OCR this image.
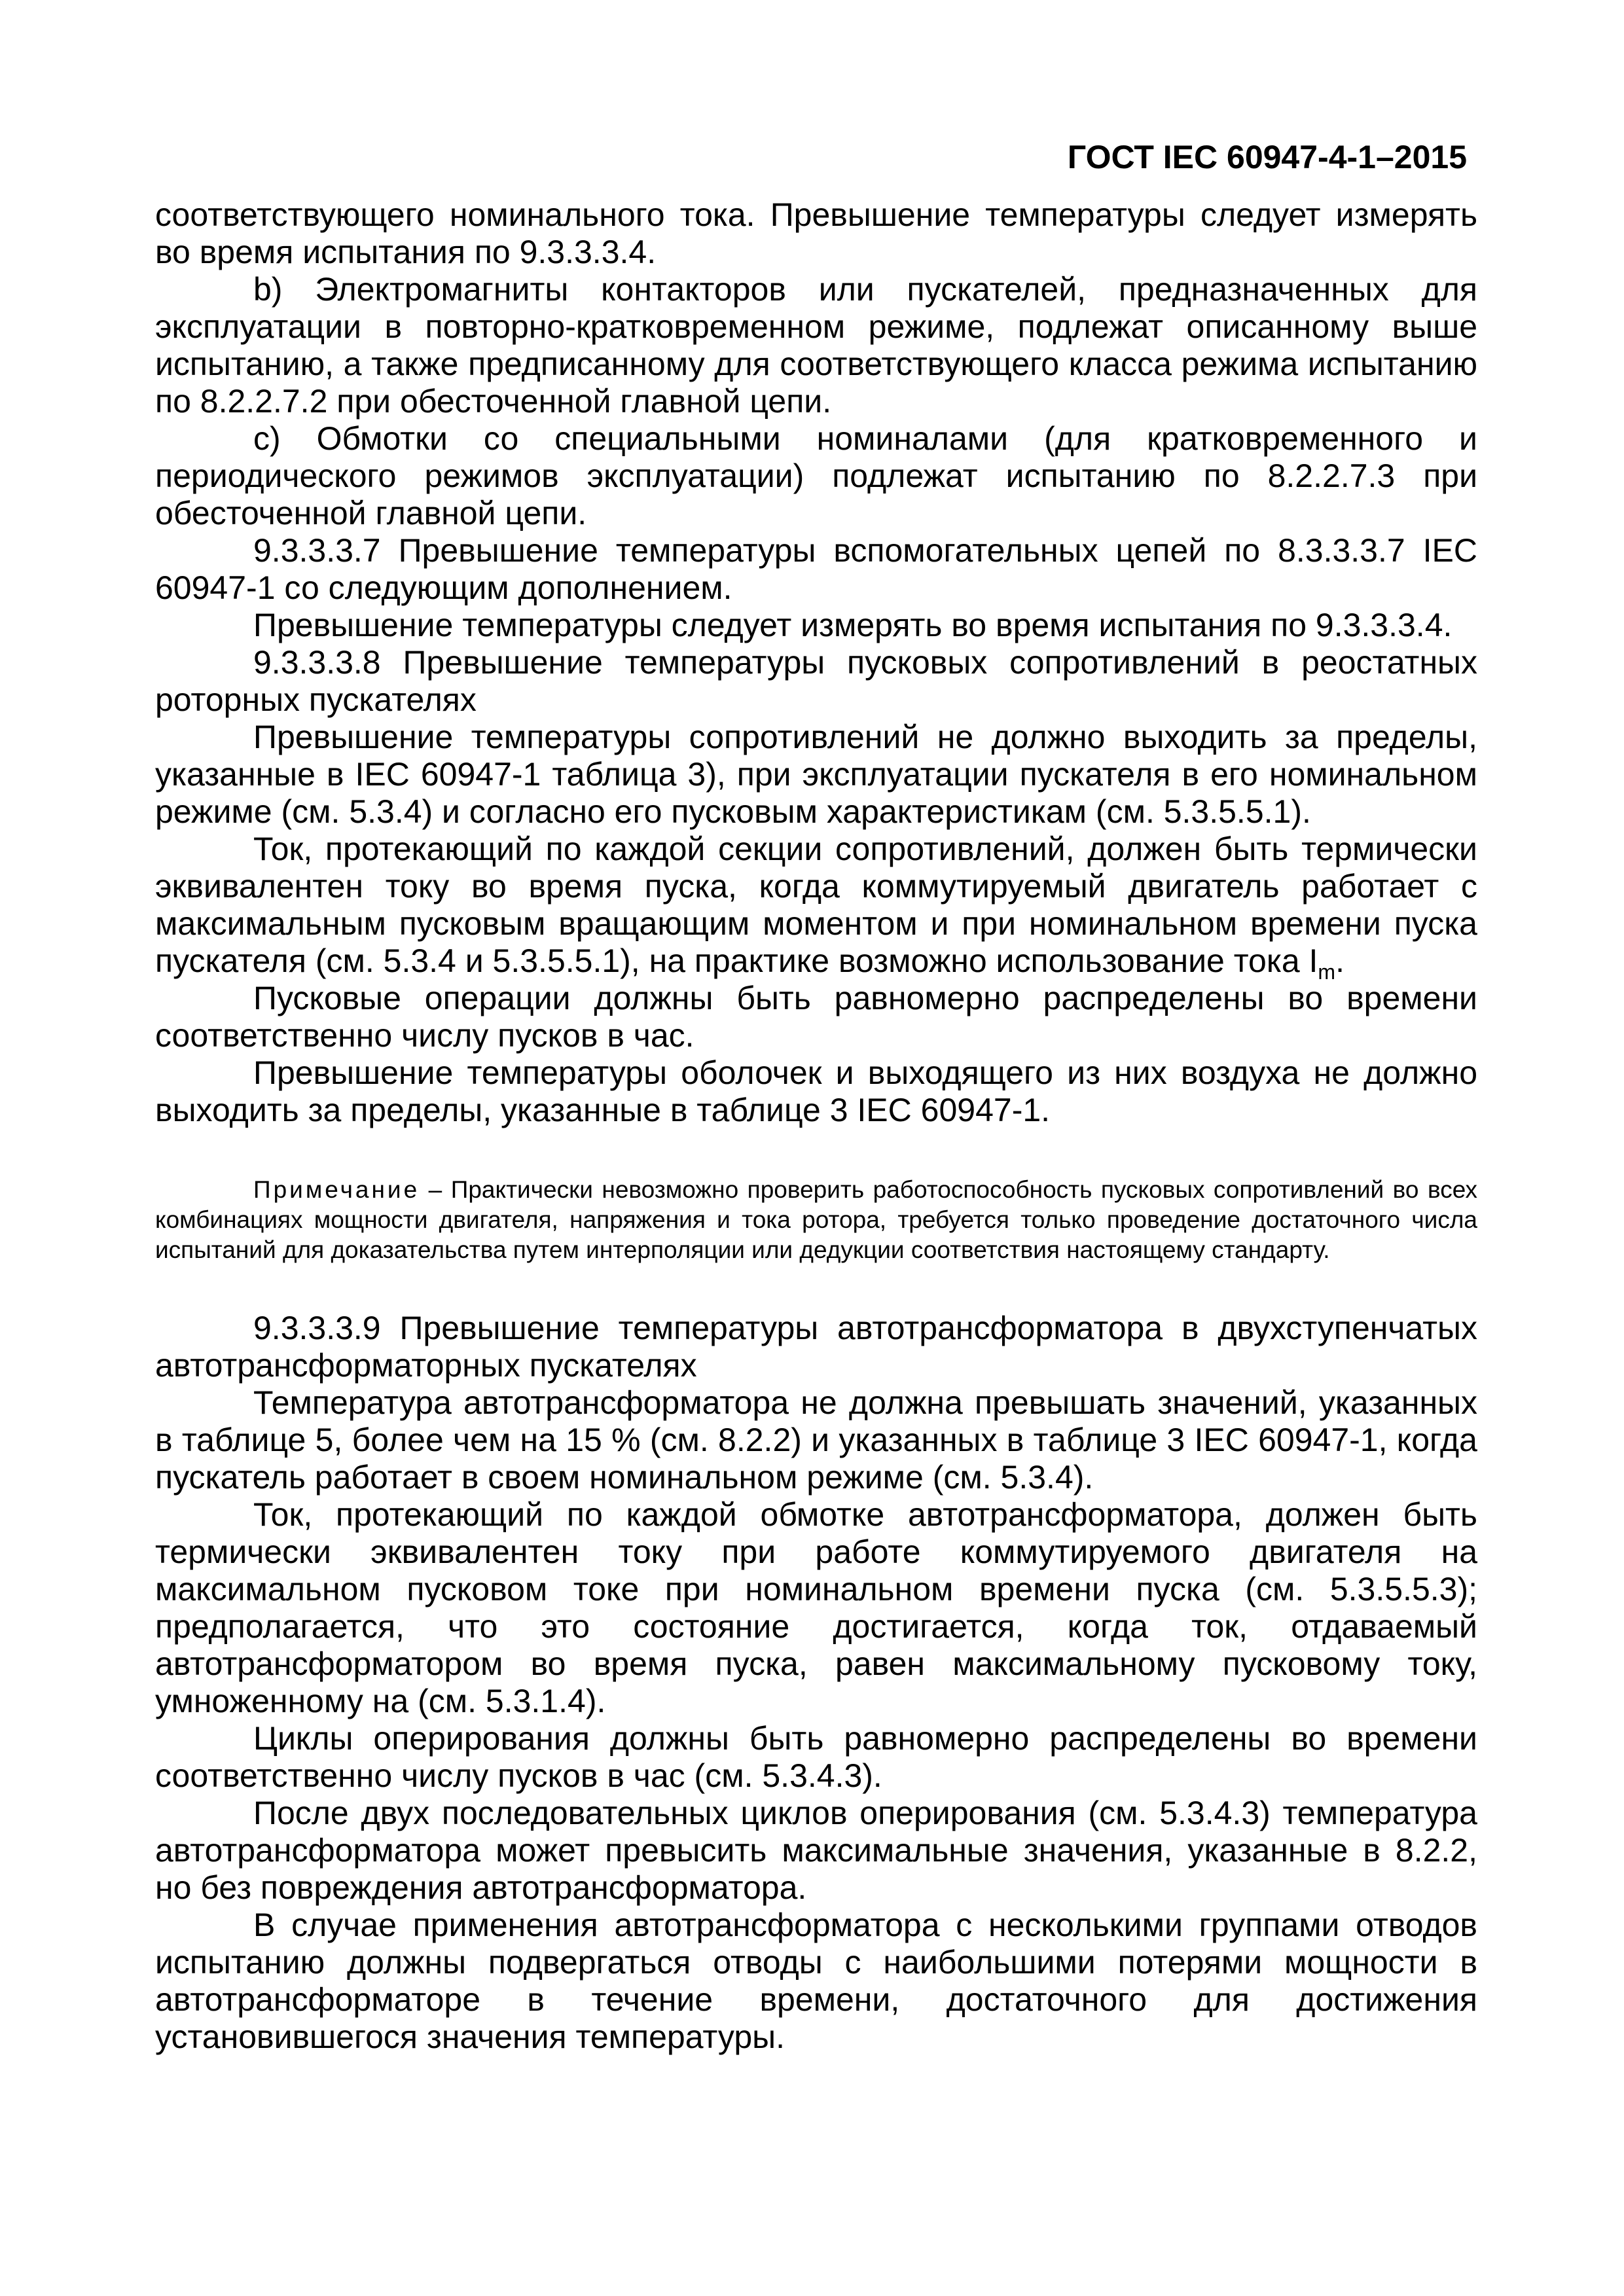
ГОСТ IEC 60947-4-1–2015

соответствующего номинального тока. Превышение температуры следует измерять во время испытания по 9.3.3.3.4.

b) Электромагниты контакторов или пускателей, предназначенных для эксплуатации в повторно-кратковременном режиме, подлежат описанному выше испытанию, а также предписанному для соответствующего класса режима испытанию по 8.2.2.7.2 при обесточенной главной цепи.

c) Обмотки со специальными номиналами (для кратковременного и периодического режимов эксплуатации) подлежат испытанию по 8.2.2.7.3 при обесточенной главной цепи.

9.3.3.3.7 Превышение температуры вспомогательных цепей по 8.3.3.3.7 IEC 60947-1 со следующим дополнением.

Превышение температуры следует измерять во время испытания по 9.3.3.3.4.

9.3.3.3.8 Превышение температуры пусковых сопротивлений в реостатных роторных пускателях

Превышение температуры сопротивлений не должно выходить за пределы, указанные в IEC 60947-1 таблица 3), при эксплуатации пускателя в его номинальном режиме (см. 5.3.4) и согласно его пусковым характеристикам (см. 5.3.5.5.1).

Ток, протекающий по каждой секции сопротивлений, должен быть термически эквивалентен току во время пуска, когда коммутируемый двигатель работает с максимальным пусковым вращающим моментом и при номинальном времени пуска пускателя (см. 5.3.4 и 5.3.5.5.1), на практике возможно использование тока $I_m$.

Пусковые операции должны быть равномерно распределены во времени соответственно числу пусков в час.

Превышение температуры оболочек и выходящего из них воздуха не должно выходить за пределы, указанные в таблице 3 IEC 60947-1.

Примечание – Практически невозможно проверить работоспособность пусковых сопротивлений во всех комбинациях мощности двигателя, напряжения и тока ротора, требуется только проведение достаточного числа испытаний для доказательства путем интерполяции или дедукции соответствия настоящему стандарту.

9.3.3.3.9 Превышение температуры автотрансформатора в двухступенчатых автотрансформаторных пускателях

Температура автотрансформатора не должна превышать значений, указанных в таблице 5, более чем на 15 % (см. 8.2.2) и указанных в таблице 3 IEC 60947-1, когда пускатель работает в своем номинальном режиме (см. 5.3.4).

Ток, протекающий по каждой обмотке автотрансформатора, должен быть термически эквивалентен току при работе коммутируемого двигателя на максимальном пусковом токе при номинальном времени пуска (см. 5.3.5.5.3); предполагается, что это состояние достигается, когда ток, отдаваемый автотрансформатором во время пуска, равен максимальному пусковому току, умноженному на (см. 5.3.1.4).

Циклы оперирования должны быть равномерно распределены во времени соответственно числу пусков в час (см. 5.3.4.3).

После двух последовательных циклов оперирования (см. 5.3.4.3) температура автотрансформатора может превысить максимальные значения, указанные в 8.2.2, но без повреждения автотрансформатора.

В случае применения автотрансформатора с несколькими группами отводов испытанию должны подвергаться отводы с наибольшими потерями мощности в автотрансформаторе в течение времени, достаточного для достижения установившегося значения температуры.
